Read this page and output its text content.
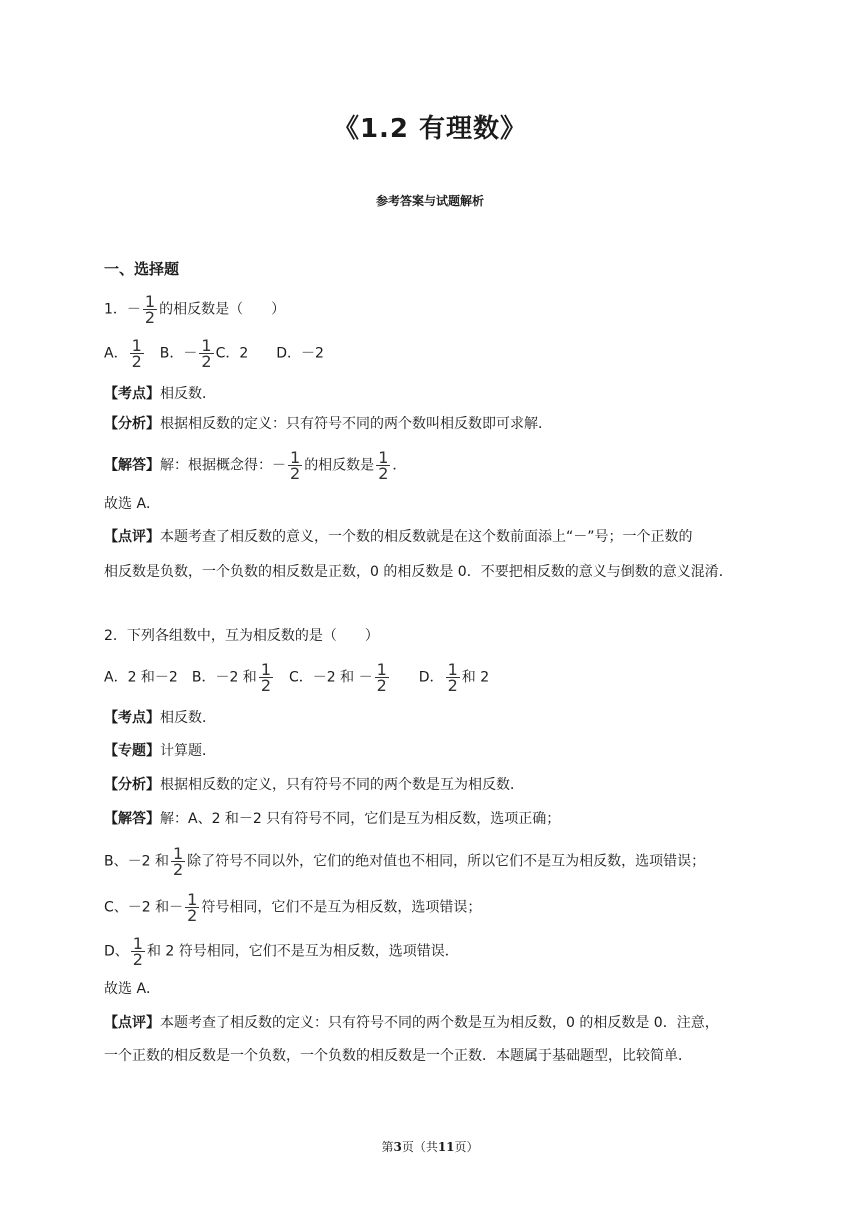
《1.2 有理数》
参考答案与试题解析
一、选择题
1．－ $\frac{1}{2}$ 的相反数是（　　）
A． $\frac{1}{2}$ 　B．－ $\frac{1}{2}$ C．2　　D．－2
【考点】相反数．
【分析】根据相反数的定义：只有符号不同的两个数叫相反数即可求解．
【解答】解：根据概念得：－ $\frac{1}{2}$ 的相反数是 $\frac{1}{2}$ ．
故选 A．
【点评】本题考查了相反数的意义，一个数的相反数就是在这个数前面添上“－”号；一个正数的
相反数是负数，一个负数的相反数是正数，0 的相反数是 0．不要把相反数的意义与倒数的意义混淆．
2．下列各组数中，互为相反数的是（　　）
A．2 和－2　B．－2 和 $\frac{1}{2}$ 　C．－2 和 － $\frac{1}{2}$ 　　D． $\frac{1}{2}$ 和 2
【考点】相反数．
【专题】计算题．
【分析】根据相反数的定义，只有符号不同的两个数是互为相反数．
【解答】解：A、2 和－2 只有符号不同，它们是互为相反数，选项正确；
B、－2 和 $\frac{1}{2}$ 除了符号不同以外，它们的绝对值也不相同，所以它们不是互为相反数，选项错误；
C、－2 和－ $\frac{1}{2}$ 符号相同，它们不是互为相反数，选项错误；
D、 $\frac{1}{2}$ 和 2 符号相同，它们不是互为相反数，选项错误．
故选 A．
【点评】本题考查了相反数的定义：只有符号不同的两个数是互为相反数，0 的相反数是 0．注意，
一个正数的相反数是一个负数，一个负数的相反数是一个正数．本题属于基础题型，比较简单．
第3页（共11页）
